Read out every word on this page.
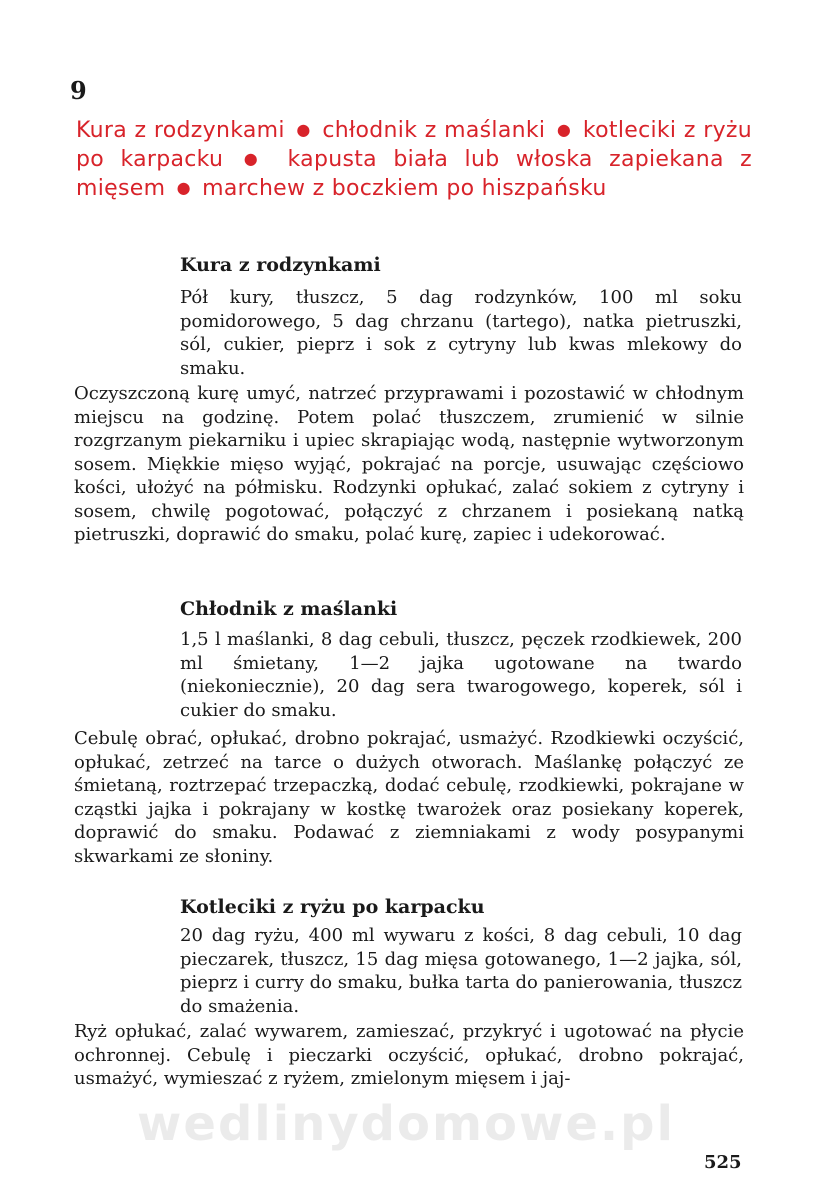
9
Kura z rodzynkami ● chłodnik z maślanki ● kotleciki z ryżu po karpacku ● kapusta biała lub włoska zapiekana z mięsem ● marchew z boczkiem po hiszpańsku
Kura z rodzynkami
Pół kury, tłuszcz, 5 dag rodzynków, 100 ml soku pomidorowego, 5 dag chrzanu (tartego), natka pietruszki, sól, cukier, pieprz i sok z cytryny lub kwas mlekowy do smaku.
Oczyszczoną kurę umyć, natrzeć przyprawami i pozostawić w chłodnym miejscu na godzinę. Potem polać tłuszczem, zrumienić w silnie rozgrzanym piekarniku i upiec skrapiając wodą, następnie wytworzonym sosem. Miękkie mięso wyjąć, pokrajać na porcje, usuwając częściowo kości, ułożyć na półmisku. Rodzynki opłukać, zalać sokiem z cytryny i sosem, chwilę pogotować, połączyć z chrzanem i posiekaną natką pietruszki, doprawić do smaku, polać kurę, zapiec i udekorować.
Chłodnik z maślanki
1,5 l maślanki, 8 dag cebuli, tłuszcz, pęczek rzodkiewek, 200 ml śmietany, 1—2 jajka ugotowane na twardo (niekoniecznie), 20 dag sera twarogowego, koperek, sól i cukier do smaku.
Cebulę obrać, opłukać, drobno pokrajać, usmażyć. Rzodkiewki oczyścić, opłukać, zetrzeć na tarce o dużych otworach. Maślankę połączyć ze śmietaną, roztrzepać trzepaczką, dodać cebulę, rzodkiewki, pokrajane w cząstki jajka i pokrajany w kostkę twarożek oraz posiekany koperek, doprawić do smaku. Podawać z ziemniakami z wody posypanymi skwarkami ze słoniny.
Kotleciki z ryżu po karpacku
20 dag ryżu, 400 ml wywaru z kości, 8 dag cebuli, 10 dag pieczarek, tłuszcz, 15 dag mięsa gotowanego, 1—2 jajka, sól, pieprz i curry do smaku, bułka tarta do panierowania, tłuszcz do smażenia.
Ryż opłukać, zalać wywarem, zamieszać, przykryć i ugotować na płycie ochronnej. Cebulę i pieczarki oczyścić, opłukać, drobno pokrajać, usmażyć, wymieszać z ryżem, zmielonym mięsem i jaj-
wedlinydomowe.pl
525
